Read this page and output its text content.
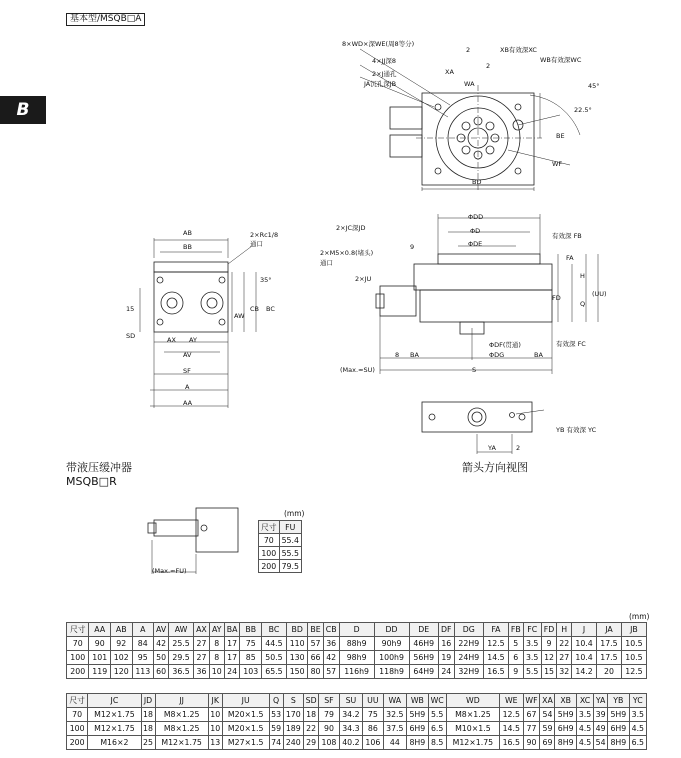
基本型/MSQB□A
B
8×WD×深WE(周8等分)
4×JJ深8
2×J通孔
JA沉孔深JB
XA
WA
2
2
XB有效深XC
WB有效深WC
45°
22.5°
BE
WF
BD
AB
BB
2×Rc1/8
通口
15
SD	AX AY
AV
SF
A
AA
AW
CB BC
35°
ΦDD
ΦD
ΦDE
2×JC深JD
2×M5×0.8(堵头)
通口
9
2×JU
有效深 FB
FA
H
FD
Q
(UU)
有效深 FC
ΦDF(贯通)
ΦDG
8 BA	BA
(Max.≈SU)	S
YA	2
YB 有效深 YC
箭头方向视图
带液压缓冲器
MSQB□R
(Max.≈FU)
(mm)
尺寸	FU
70	55.4
100	55.5
200	79.5
(mm)
尺寸	AA	AB	A	AV	AW	AX	AY	BA	BB	BC	BD	BE	CB	D	DD	DE	DF	DG	FA	FB	FC	FD	H	J	JA	JB
70	90	92	84	42	25.5	27	8	17	75	44.5	110	57	36	88h9	90h9	46H9	16	22H9	12.5	5	3.5	9	22	10.4	17.5	10.5
100	101	102	95	50	29.5	27	8	17	85	50.5	130	66	42	98h9	100h9	56H9	19	24H9	14.5	6	3.5	12	27	10.4	17.5	10.5
200	119	120	113	60	36.5	36	10	24	103	65.5	150	80	57	116h9	118h9	64H9	24	32H9	16.5	9	5.5	15	32	14.2	20	12.5
尺寸	JC	JD	JJ	JK	JU	Q	S	SD	SF	SU	UU	WA	WB	WC	WD	WE	WF	XA	XB	XC	YA	YB	YC
70	M12×1.75	18	M8×1.25	10	M20×1.5	53	170	18	79	34.2	75	32.5	5H9	5.5	M8×1.25	12.5	67	54	5H9	3.5	39	5H9	3.5
100	M12×1.75	18	M8×1.25	10	M20×1.5	59	189	22	90	34.3	86	37.5	6H9	6.5	M10×1.5	14.5	77	59	6H9	4.5	49	6H9	4.5
200	M16×2	25	M12×1.75	13	M27×1.5	74	240	29	108	40.2	106	44	8H9	8.5	M12×1.75	16.5	90	69	8H9	4.5	54	8H9	6.5
